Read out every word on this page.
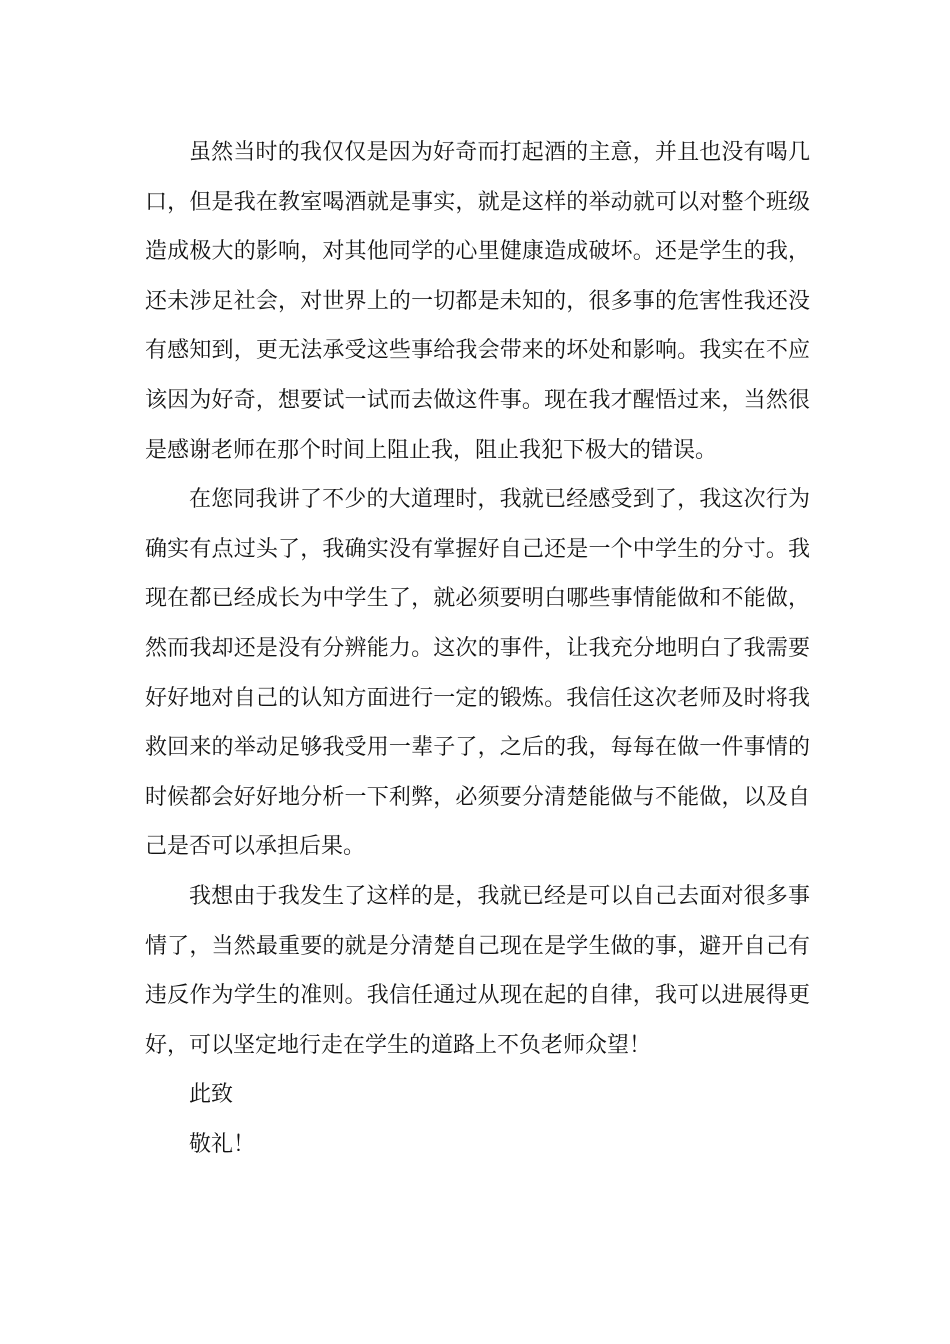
虽然当时的我仅仅是因为好奇而打起酒的主意，并且也没有喝几口，但是我在教室喝酒就是事实，就是这样的举动就可以对整个班级造成极大的影响，对其他同学的心里健康造成破坏。还是学生的我，还未涉足社会，对世界上的一切都是未知的，很多事的危害性我还没有感知到，更无法承受这些事给我会带来的坏处和影响。我实在不应该因为好奇，想要试一试而去做这件事。现在我才醒悟过来，当然很是感谢老师在那个时间上阻止我，阻止我犯下极大的错误。

在您同我讲了不少的大道理时，我就已经感受到了，我这次行为确实有点过头了，我确实没有掌握好自己还是一个中学生的分寸。我现在都已经成长为中学生了，就必须要明白哪些事情能做和不能做，然而我却还是没有分辨能力。这次的事件，让我充分地明白了我需要好好地对自己的认知方面进行一定的锻炼。我信任这次老师及时将我救回来的举动足够我受用一辈子了，之后的我，每每在做一件事情的时候都会好好地分析一下利弊，必须要分清楚能做与不能做，以及自己是否可以承担后果。

我想由于我发生了这样的是，我就已经是可以自己去面对很多事情了，当然最重要的就是分清楚自己现在是学生做的事，避开自己有违反作为学生的准则。我信任通过从现在起的自律，我可以进展得更好，可以坚定地行走在学生的道路上不负老师众望！

此致

敬礼！
